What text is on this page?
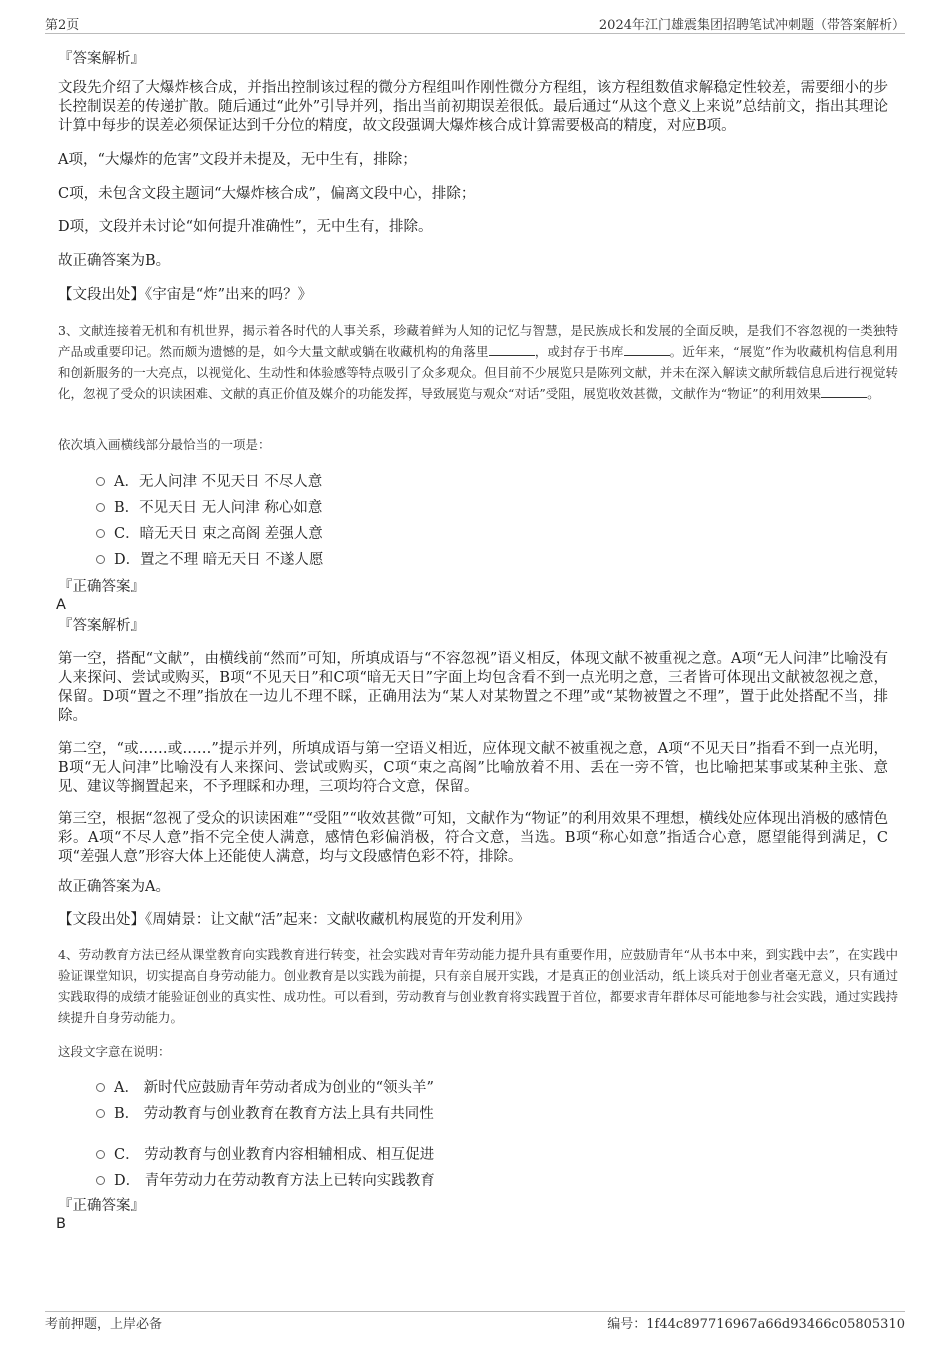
第2页	2024年江门雄震集团招聘笔试冲刺题（带答案解析）
『答案解析』
文段先介绍了大爆炸核合成，并指出控制该过程的微分方程组叫作刚性微分方程组，该方程组数值求解稳定性较差，需要细小的步长控制误差的传递扩散。随后通过“此外”引导并列，指出当前初期误差很低。最后通过“从这个意义上来说”总结前文，指出其理论计算中每步的误差必须保证达到千分位的精度，故文段强调大爆炸核合成计算需要极高的精度，对应B项。
A项，“大爆炸的危害”文段并未提及，无中生有，排除；
C项，未包含文段主题词“大爆炸核合成”，偏离文段中心，排除；
D项，文段并未讨论“如何提升准确性”，无中生有，排除。
故正确答案为B。
【文段出处】《宇宙是“炸”出来的吗？》
3、文献连接着无机和有机世界，揭示着各时代的人事关系，珍藏着鲜为人知的记忆与智慧，是民族成长和发展的全面反映，是我们不容忽视的一类独特产品或重要印记。然而颇为遗憾的是，如今大量文献或躺在收藏机构的角落里	，或封存于书库	。近年来，“展览”作为收藏机构信息利用和创新服务的一大亮点，以视觉化、生动性和体验感等特点吸引了众多观众。但目前不少展览只是陈列文献，并未在深入解读文献所载信息后进行视觉转化，忽视了受众的识读困难、文献的真正价值及媒介的功能发挥，导致展览与观众“对话”受阻，展览收效甚微，文献作为“物证”的利用效果	。
依次填入画横线部分最恰当的一项是：
A．无人问津 不见天日 不尽人意
B．不见天日 无人问津 称心如意
C．暗无天日 束之高阁 差强人意
D．置之不理 暗无天日 不遂人愿
『正确答案』
A
『答案解析』
第一空，搭配“文献”，由横线前“然而”可知，所填成语与“不容忽视”语义相反，体现文献不被重视之意。A项“无人问津”比喻没有人来探问、尝试或购买，B项“不见天日”和C项“暗无天日”字面上均包含看不到一点光明之意，三者皆可体现出文献被忽视之意，保留。D项“置之不理”指放在一边儿不理不睬，正确用法为“某人对某物置之不理”或“某物被置之不理”，置于此处搭配不当，排除。
第二空，“或……或……”提示并列，所填成语与第一空语义相近，应体现文献不被重视之意，A项“不见天日”指看不到一点光明，B项“无人问津”比喻没有人来探问、尝试或购买，C项“束之高阁”比喻放着不用、丢在一旁不管，也比喻把某事或某种主张、意见、建议等搁置起来，不予理睬和办理，三项均符合文意，保留。
第三空，根据“忽视了受众的识读困难”“受阻”“收效甚微”可知，文献作为“物证”的利用效果不理想，横线处应体现出消极的感情色彩。A项“不尽人意”指不完全使人满意，感情色彩偏消极，符合文意，当选。B项“称心如意”指适合心意，愿望能得到满足，C项“差强人意”形容大体上还能使人满意，均与文段感情色彩不符，排除。
故正确答案为A。
【文段出处】《周婧景：让文献“活”起来：文献收藏机构展览的开发利用》
4、劳动教育方法已经从课堂教育向实践教育进行转变，社会实践对青年劳动能力提升具有重要作用，应鼓励青年“从书本中来，到实践中去”，在实践中验证课堂知识，切实提高自身劳动能力。创业教育是以实践为前提，只有亲自展开实践，才是真正的创业活动，纸上谈兵对于创业者毫无意义，只有通过实践取得的成绩才能验证创业的真实性、成功性。可以看到，劳动教育与创业教育将实践置于首位，都要求青年群体尽可能地参与社会实践，通过实践持续提升自身劳动能力。
这段文字意在说明：
A． 新时代应鼓励青年劳动者成为创业的“领头羊”
B． 劳动教育与创业教育在教育方法上具有共同性
C． 劳动教育与创业教育内容相辅相成、相互促进
D． 青年劳动力在劳动教育方法上已转向实践教育
『正确答案』
B
考前押题，上岸必备	编号：1f44c897716967a66d93466c05805310
